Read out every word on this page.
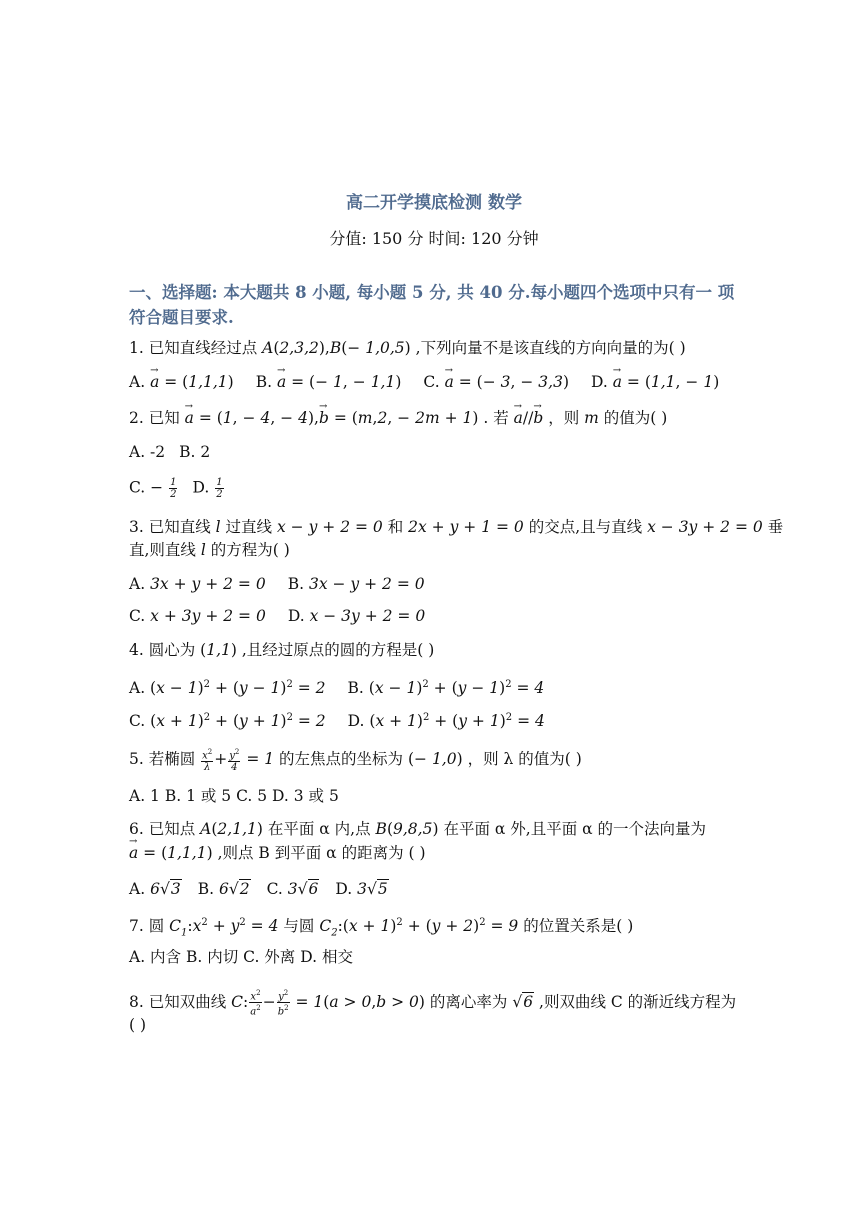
高二开学摸底检测 数学
分值: 150 分 时间: 120 分钟
一、选择题: 本大题共 8 小题, 每小题 5 分, 共 40 分.每小题四个选项中只有一 项符合题目要求.
1. 已知直线经过点 A(2,3,2),B(− 1,0,5) ,下列向量不是该直线的方向向量的为( )
A. → a = (1,1,1) B. → a = (− 1, − 1,1) C. → a = (− 3, − 3,3) D. → a = (1,1, − 1)
2. 已知 → a = (1, − 4, − 4),→ b = (m,2, − 2m + 1) . 若 → a//→ b ，则 m 的值为( )
A. -2 B. 2
C. − $\frac{1}{2} D$. $\frac{1}{2}$
3. 已知直线 l 过直线 x − y + 2 = 0 和 2x + y + 1 = 0 的交点,且与直线 x − 3y + 2 = 0 垂
直,则直线 l 的方程为( )
A. 3x + y + 2 = 0 B. 3x − y + 2 = 0
C. x + 3y + 2 = 0 D. x − 3y + 2 = 0
4. 圆心为 (1,1) ,且经过原点的圆的方程是( )
A. $(x - 1)^2 + (y - 1)^2 = 2$ B. $(x - 1)^2 + (y - 1)^2 = 4$
C. $(x + 1)^2 + (y + 1)^2 = 2$ D. $(x + 1)^2 + (y + 1)^2 = 4$
5. 若椭圆 $\frac{x^2}{\lambda} + \frac{y^2}{4} = 1$ 的左焦点的坐标为 (− 1,0) ，则 λ 的值为( )
A. 1 B. 1 或 5 C. 5 D. 3 或 5
6. 已知点 A(2,1,1) 在平面 α 内,点 B(9,8,5) 在平面 α 外,且平面 α 的一个法向量为
→ a = (1,1,1) ,则点 B 到平面 α 的距离为 ( )
A. 6√3 B. 6√2 C. 3√6 D. 3√5
7. 圆 $C_1:x^2 + y^2 = 4$ 与圆 $C_2:(x + 1)^2 + (y + 2)^2 = 9$ 的位置关系是( )
A. 内含 B. 内切 C. 外离 D. 相交
8. 已知双曲线 C: $\frac{x^2}{a^2} - \frac{y^2}{b^2} = 1(a > 0,b > 0)$ 的离心率为 √6 ,则双曲线 C 的渐近线方程为
( )
